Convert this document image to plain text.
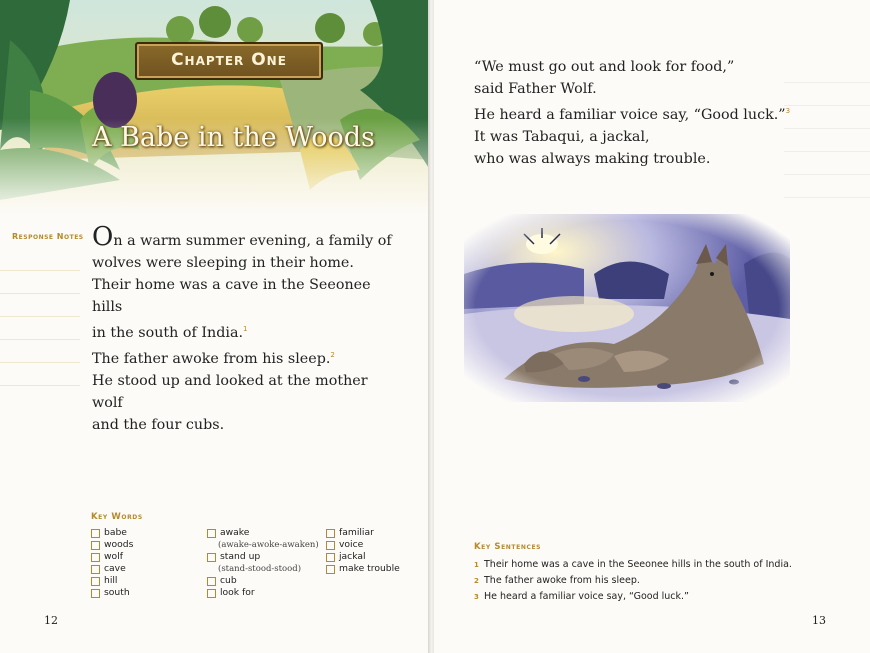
Chapter One
A Babe in the Woods
Response Notes On a warm summer evening, a family of

wolves were sleeping in their home.

Their home was a cave in the Seeonee hills

in the south of India.$^1$

The father awoke from his sleep.$^2$

He stood up and looked at the mother wolf

and the four cubs.

Key Words
babe
woods
wolf
cave
hill
south
awake
(awake-awoke-awaken)
stand up
(stand-stood-stood)
cub
look for
familiar
voice
jackal
make trouble
12

“We must go out and look for food,”

said Father Wolf.

He heard a familiar voice say, “Good luck.”$^3$

It was Tabaqui, a jackal,

who was always making trouble.

Key Sentences
1 Their home was a cave in the Seeonee hills in the south of India.
2 The father awoke from his sleep.
3 He heard a familiar voice say, “Good luck.”
13
